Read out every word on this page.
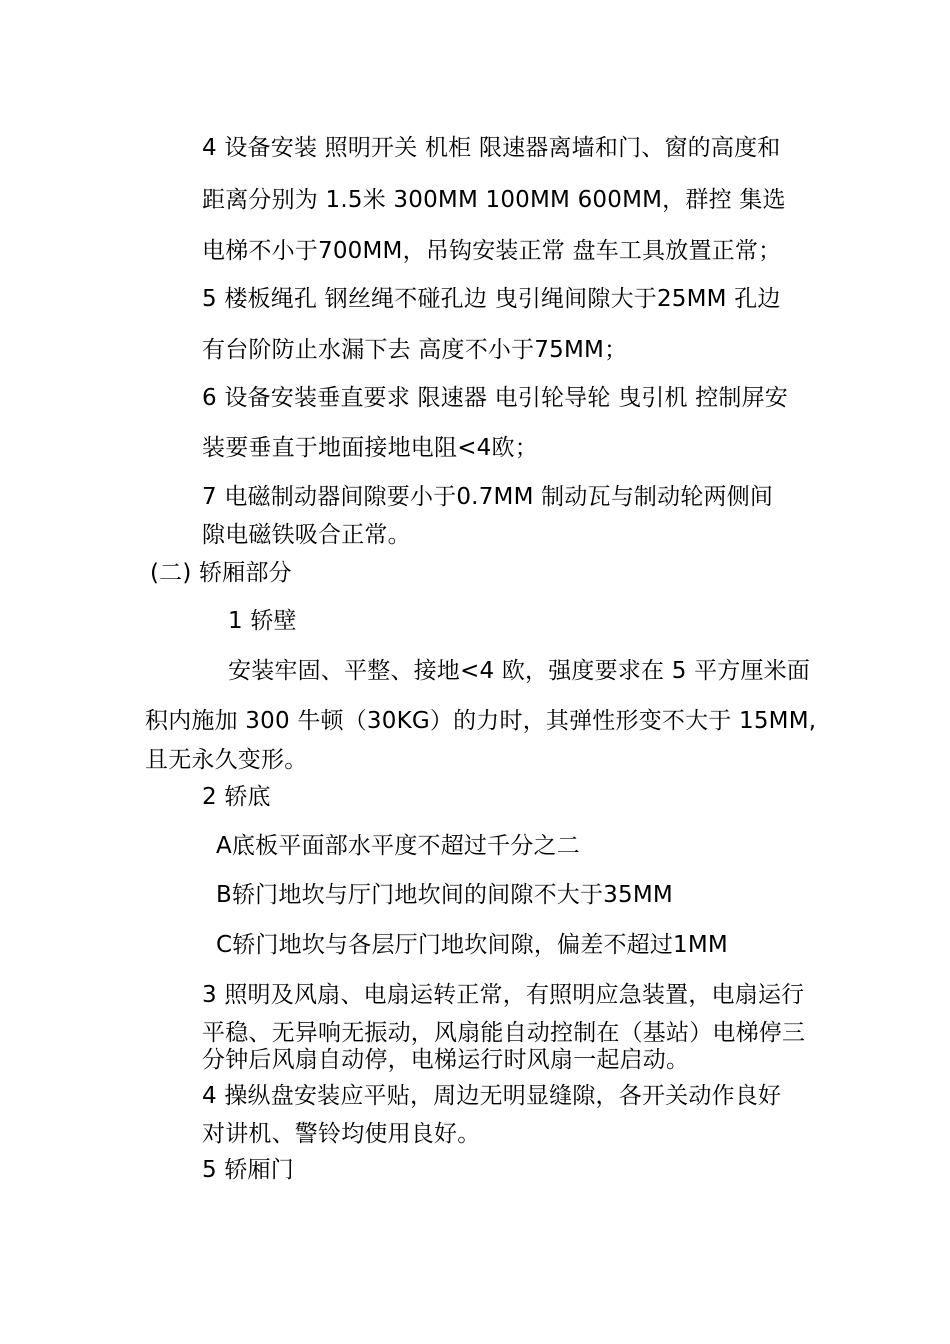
4 设备安装 照明开关 机柜 限速器离墙和门、窗的高度和
距离分别为 1.5米 300MM 100MM 600MM，群控 集选
电梯不小于700MM，吊钩安装正常 盘车工具放置正常；
5 楼板绳孔 钢丝绳不碰孔边 曳引绳间隙大于25MM 孔边
有台阶防止水漏下去 高度不小于75MM；
6 设备安装垂直要求 限速器 电引轮导轮 曳引机 控制屏安
装要垂直于地面接地电阻<4欧；
7 电磁制动器间隙要小于0.7MM 制动瓦与制动轮两侧间
隙电磁铁吸合正常。
(二) 轿厢部分
1 轿壁
安装牢固、平整、接地<4 欧，强度要求在 5 平方厘米面
积内施加 300 牛顿（30KG）的力时，其弹性形变不大于 15MM,
且无永久变形。
2 轿底
A底板平面部水平度不超过千分之二
B轿门地坎与厅门地坎间的间隙不大于35MM
C轿门地坎与各层厅门地坎间隙，偏差不超过1MM
3 照明及风扇、电扇运转正常，有照明应急装置，电扇运行
平稳、无异响无振动，风扇能自动控制在（基站）电梯停三
分钟后风扇自动停，电梯运行时风扇一起启动。
4 操纵盘安装应平贴，周边无明显缝隙，各开关动作良好
对讲机、警铃均使用良好。
5 轿厢门
